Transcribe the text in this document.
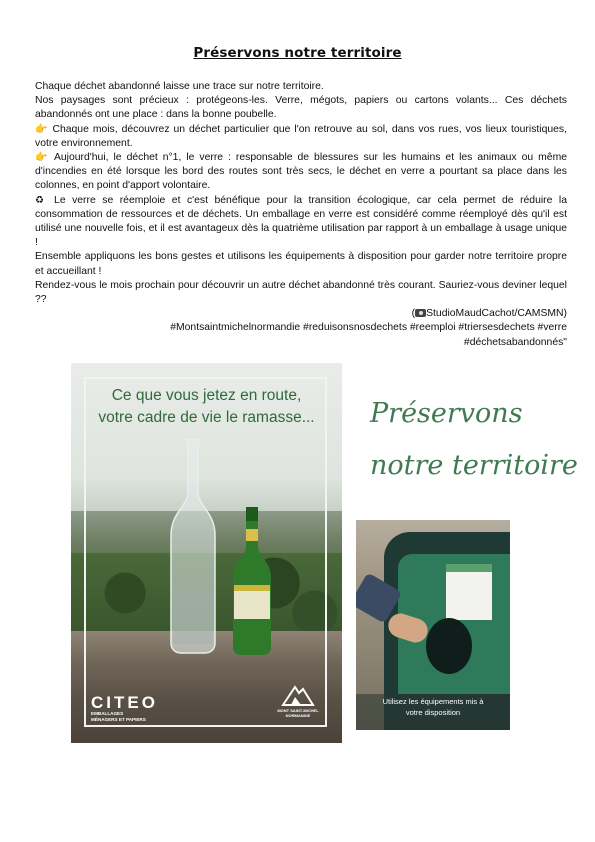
Préservons notre territoire

Chaque déchet abandonné laisse une trace sur notre territoire.

Nos paysages sont précieux : protégeons-les. Verre, mégots, papiers ou cartons volants... Ces déchets abandonnés ont une place : dans la bonne poubelle.

👉 Chaque mois, découvrez un déchet particulier que l'on retrouve au sol, dans vos rues, vos lieux touristiques, votre environnement.

👉 Aujourd'hui, le déchet n°1, le verre : responsable de blessures sur les humains et les animaux ou même d'incendies en été lorsque les bord des routes sont très secs, le déchet en verre a pourtant sa place dans les colonnes, en point d'apport volontaire.

♻ Le verre se réemploie et c'est bénéfique pour la transition écologique, car cela permet de réduire la consommation de ressources et de déchets. Un emballage en verre est considéré comme réemployé dès qu'il est utilisé une nouvelle fois, et il est avantageux dès la quatrième utilisation par rapport à un emballage à usage unique !

Ensemble appliquons les bons gestes et utilisons les équipements à disposition pour garder notre territoire propre et accueillant !

Rendez-vous le mois prochain pour découvrir un autre déchet abandonné très courant. Sauriez-vous deviner lequel ??

( StudioMaudCachot/CAMSMN)

#Montsaintmichelnormandie #reduisonsnosdechets #reemploi #triersesdechets #verre

#déchetsabandonnés"

Ce que vous jetez en route,
votre cadre de vie le ramasse...
CITEO
EMBALLAGES
MÉNAGERS ET PAPIERS
MONT SAINT-MICHEL
NORMANDIE
Préservons
notre territoire
Utilisez les équipements mis à
votre disposition
